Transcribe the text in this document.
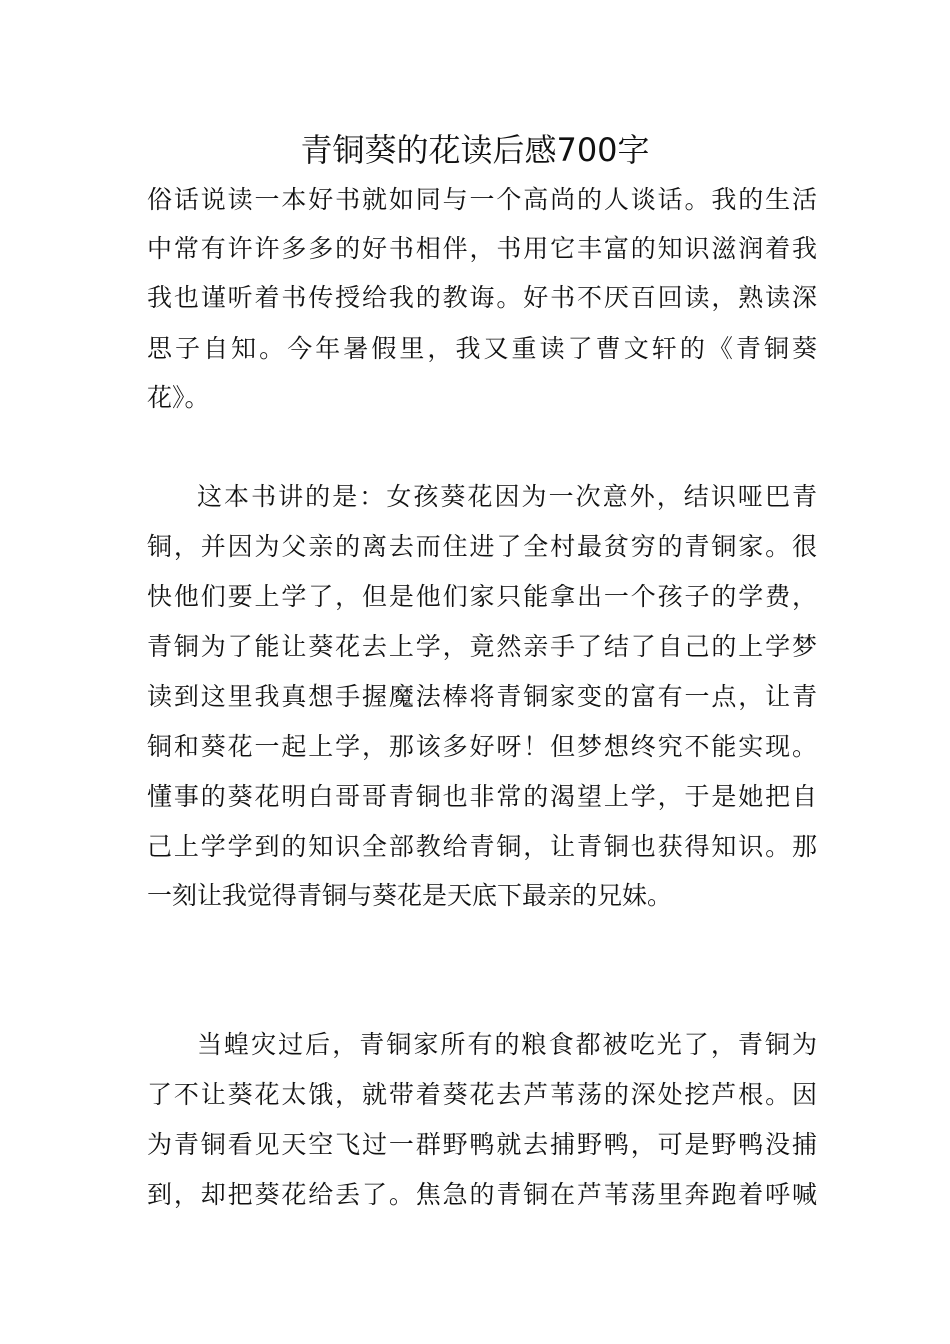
青铜葵的花读后感700字

俗话说读一本好书就如同与一个高尚的人谈话。我的生活

中常有许许多多的好书相伴，书用它丰富的知识滋润着我

我也谨听着书传授给我的教诲。好书不厌百回读，熟读深

思子自知。今年暑假里，我又重读了曹文轩的《青铜葵

花》。

这本书讲的是：女孩葵花因为一次意外，结识哑巴青

铜，并因为父亲的离去而住进了全村最贫穷的青铜家。很

快他们要上学了，但是他们家只能拿出一个孩子的学费，

青铜为了能让葵花去上学，竟然亲手了结了自己的上学梦

读到这里我真想手握魔法棒将青铜家变的富有一点，让青

铜和葵花一起上学，那该多好呀！但梦想终究不能实现。

懂事的葵花明白哥哥青铜也非常的渴望上学，于是她把自

己上学学到的知识全部教给青铜，让青铜也获得知识。那

一刻让我觉得青铜与葵花是天底下最亲的兄妹。

当蝗灾过后，青铜家所有的粮食都被吃光了，青铜为

了不让葵花太饿，就带着葵花去芦苇荡的深处挖芦根。因

为青铜看见天空飞过一群野鸭就去捕野鸭，可是野鸭没捕

到，却把葵花给丢了。焦急的青铜在芦苇荡里奔跑着呼喊
